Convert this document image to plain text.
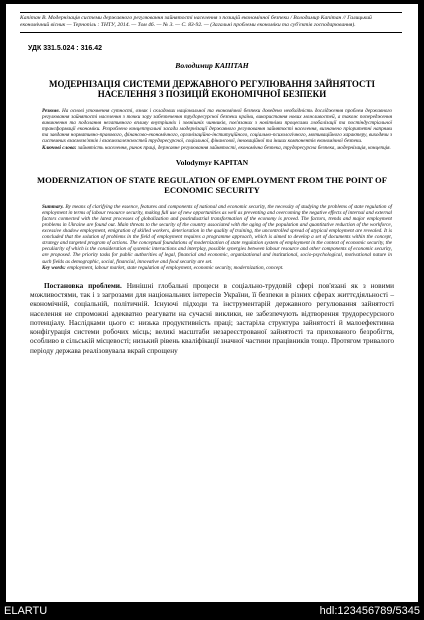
Капітан В. Модернізація системи державного регулювання зайнятості населення з позицій економічної безпеки / Володимир Капітан // Галицький економічний вісник — Тернопіль : ТНТУ, 2014. — Том 46. — № 3. — С. 83-92. — (Загальні проблеми економіки та суб'єктів господарювання).
УДК 331.5.024 : 316.42
Володимир КАПІТАН
МОДЕРНІЗАЦІЯ СИСТЕМИ ДЕРЖАВНОГО РЕГУЛЮВАННЯ ЗАЙНЯТОСТІ НАСЕЛЕННЯ З ПОЗИЦІЙ ЕКОНОМІЧНОЇ БЕЗПЕКИ
Резюме. На основі уточнення сутності, ознак і складових національної та економічної безпеки доведено необхідність дослідження проблем державного регулювання зайнятості населення з точки зору забезпечення трудоресурсної безпеки країни, використання нових можливостей, а також попередження виникнення та подолання негативного впливу внутрішніх і зовнішніх чинників, пов'язаних з новітніми процесами глобалізації та постіндустріальної трансформації економіки. Розроблено концептуальні засади модернізації державного регулювання зайнятості населення, визначено пріоритетні напрями та завдання нормативно-правового, фінансово-економічного, організаційно-інституційного, соціально-психологічного, мотиваційного характеру, виходячи з системних взаємозв'язків і взаємозалежностей трудоресурсної, соціальної, фінансової, інноваційної та інших компонентів економічної безпеки.
Ключові слова: зайнятість населення, ринок праці, державне регулювання зайнятості, економічна безпека, трудоресурсна безпека, модернізація, концепція.
Volodymyr KAPITAN
MODERNIZATION OF STATE REGULATION OF EMPLOYMENT FROM THE POINT OF ECONOMIC SECURITY
Summary. By means of clarifying the essence, features and components of national and economic security, the necessity of studying the problems of state regulation of employment in terms of labour resource security, making full use of new opportunities as well as preventing and overcoming the negative effects of internal and external factors connected with the latest processes of globalization and postindustrial transformation of the economy is proved. The factors, trends and major employment problems in Ukraine are found out. Main threats to the security of the country associated with the aging of the population and quantitative reduction of the workforce, excessive shadow employment, emigration of skilled workers, deterioration in the quality of training, the uncontrolled spread of atypical employment are revealed. It is concluded that the solution of problems in the field of employment requires a programme approach, which is aimed to develop a set of documents within the concept, strategy and targeted program of actions. The conceptual foundations of modernization of state regulation system of employment in the context of economic security, the peculiarity of which is the consideration of systemic interactions and interplay, possible synergies between labour resource and other components of economic security, are proposed. The priority tasks for public authorities of legal, financial and economic, organizational and institutional, socio-psychological, motivational nature in such fields as demographic, social, financial, innovative and food security are set.
Key words: employment, labour market, state regulation of employment, economic security, modernization, concept.
Постановка проблеми. Нинішні глобальні процеси в соціально-трудовій сфері пов'язані як з новими можливостями, так і з загрозами для національних інтересів України, її безпеки в різних сферах життєдіяльності – економічній, соціальній, політичній. Існуючі підходи та інструментарій державного регулювання зайнятості населення не спроможні адекватно реагувати на сучасні виклики, не забезпечують відтворення трудоресурсного потенціалу. Наслідками цього є: низька продуктивність праці; застаріла структура зайнятості й малоефективна конфігурація системи робочих місць; великі масштаби незареєстрованої зайнятості та прихованого безробіття, особливо в сільській місцевості; низький рівень кваліфікації значної частини працівників тощо. Протягом тривалого періоду держава реалізовувала вкрай спрощену
ELARTU	hdl:123456789/5345
